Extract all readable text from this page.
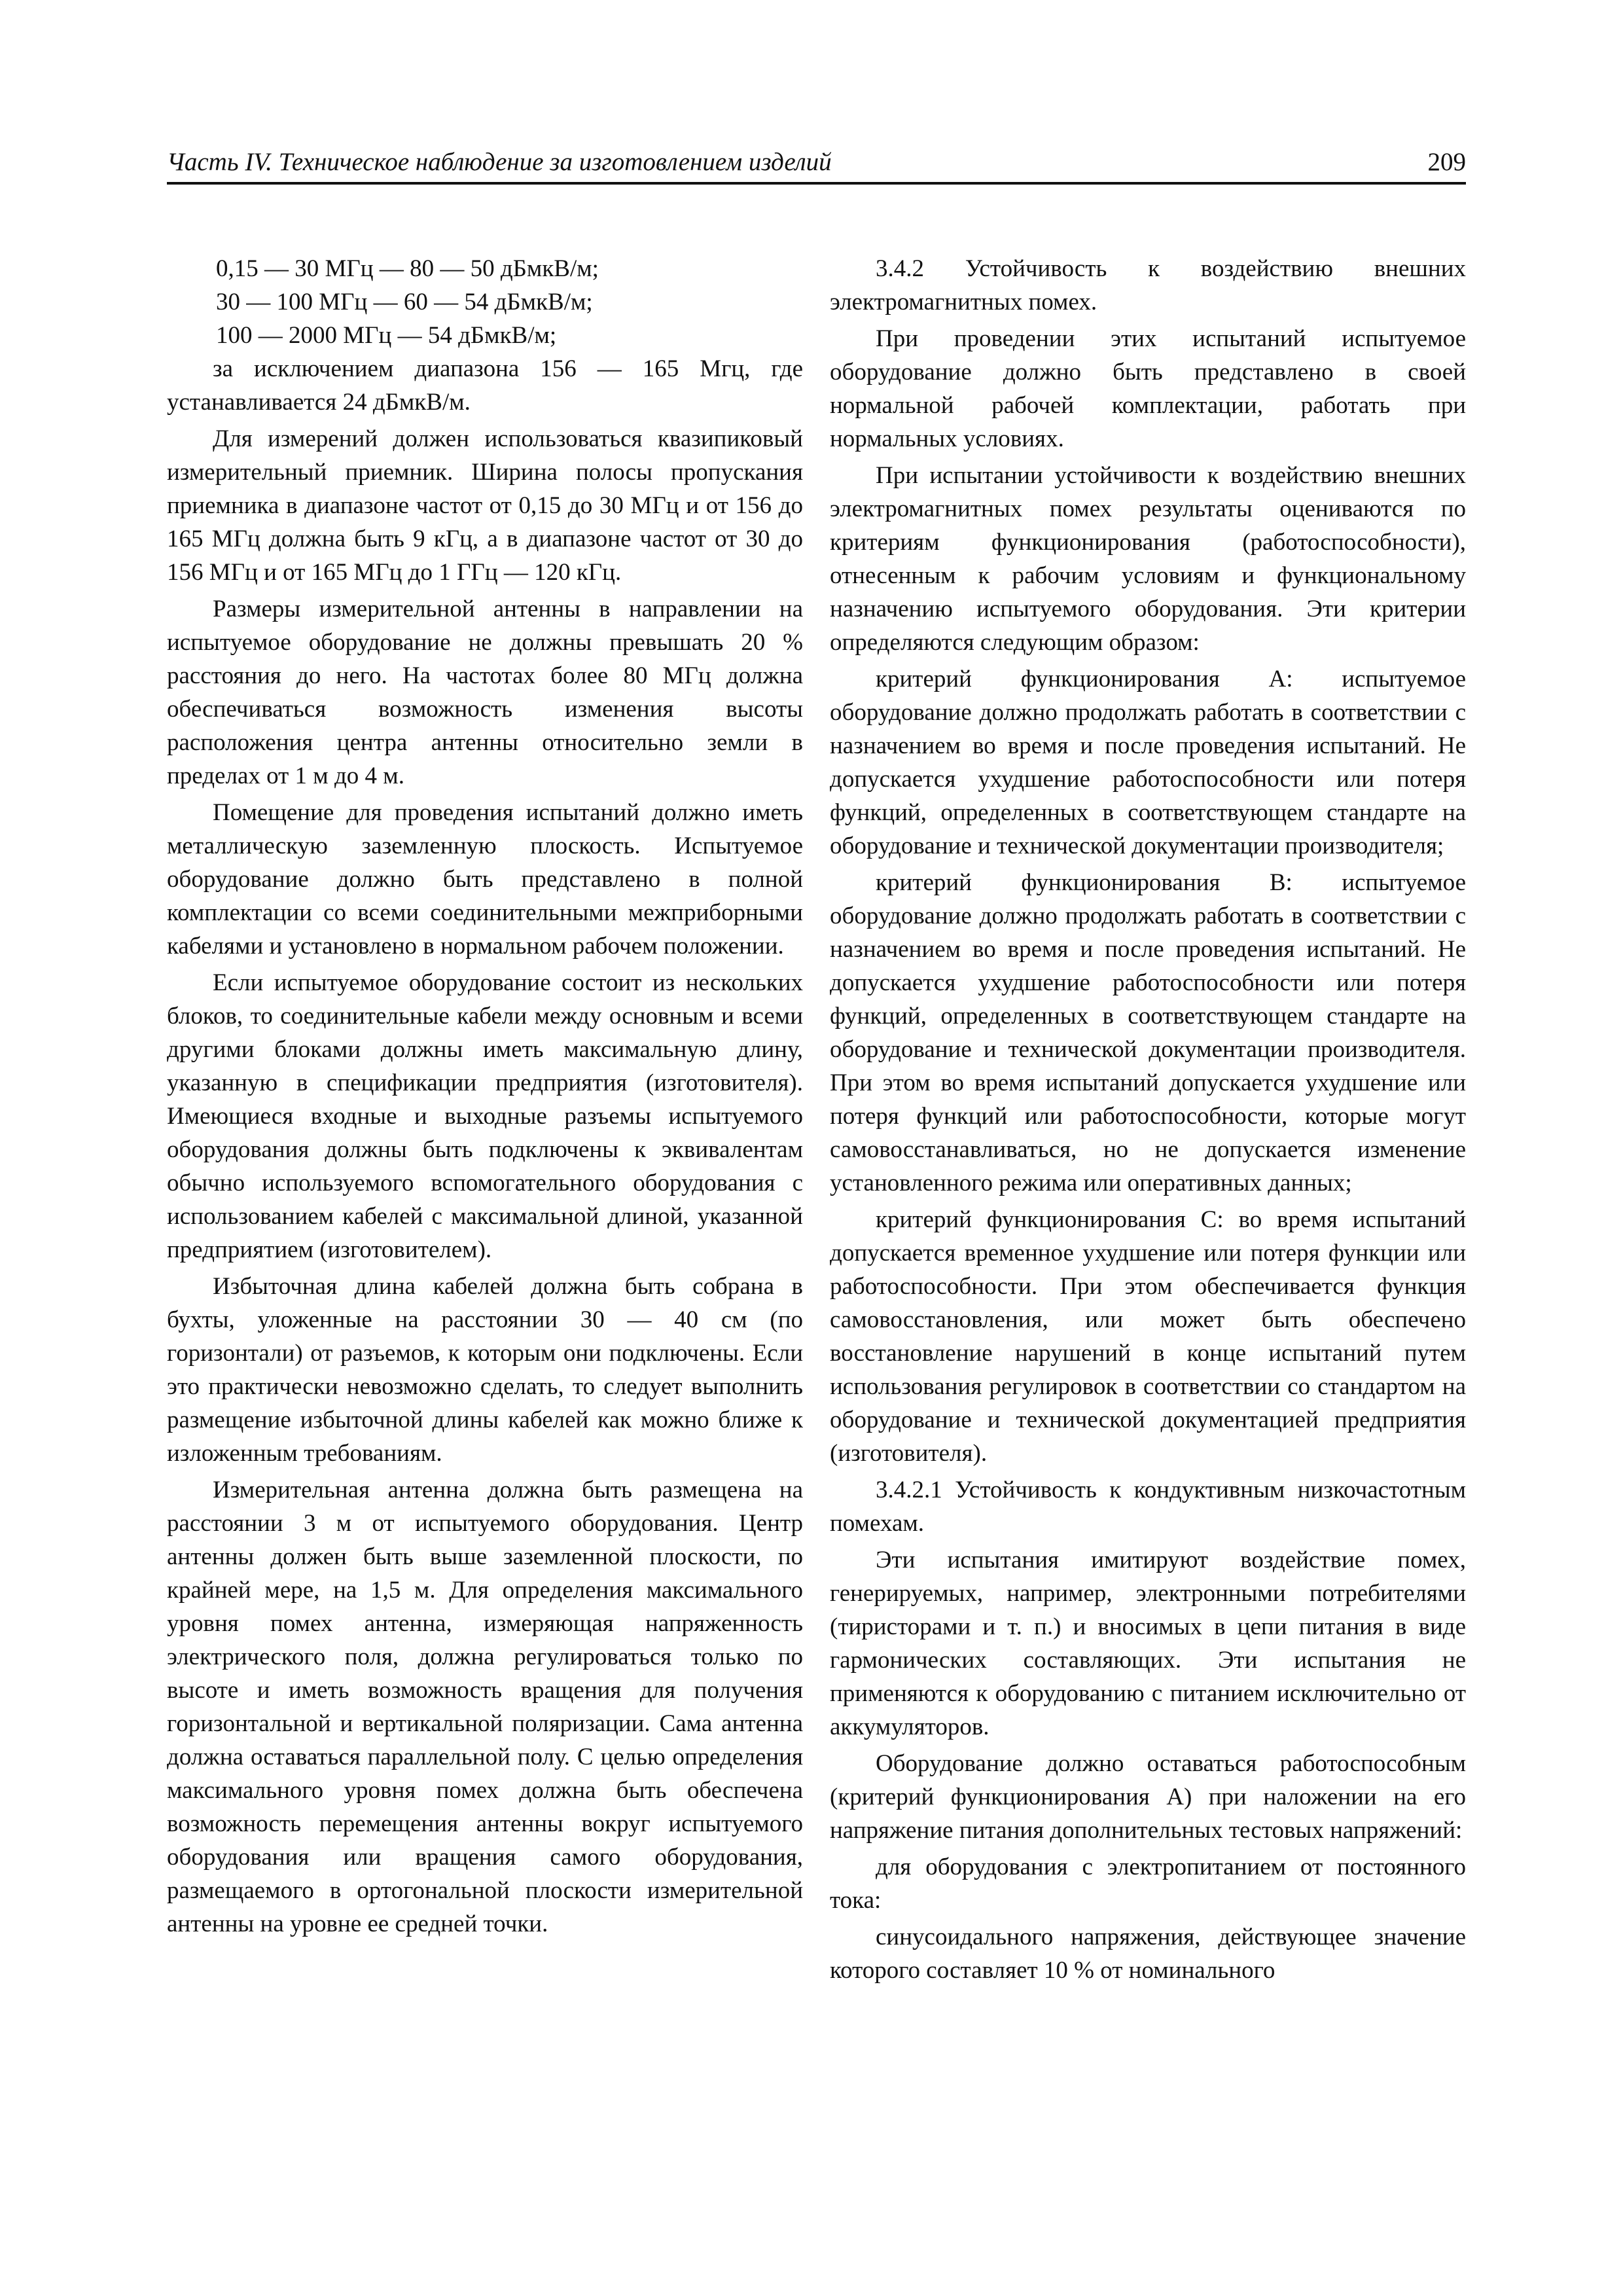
Часть IV. Техническое наблюдение за изготовлением изделий	209

0,15 — 30 МГц — 80 — 50 дБмкВ/м;

30 — 100 МГц — 60 — 54 дБмкВ/м;

100 — 2000 МГц — 54 дБмкВ/м;

за исключением диапазона 156 — 165 Мгц, где устанавливается 24 дБмкВ/м.

Для измерений должен использоваться квазипиковый измерительный приемник. Ширина полосы пропускания приемника в диапазоне частот от 0,15 до 30 МГц и от 156 до 165 МГц должна быть 9 кГц, а в диапазоне частот от 30 до 156 МГц и от 165 МГц до 1 ГГц — 120 кГц.

Размеры измерительной антенны в направлении на испытуемое оборудование не должны превышать 20 % расстояния до него. На частотах более 80 МГц должна обеспечиваться возможность изменения высоты расположения центра антенны относительно земли в пределах от 1 м до 4 м.

Помещение для проведения испытаний должно иметь металлическую заземленную плоскость. Испытуемое оборудование должно быть представлено в полной комплектации со всеми соединительными межприборными кабелями и установлено в нормальном рабочем положении.

Если испытуемое оборудование состоит из нескольких блоков, то соединительные кабели между основным и всеми другими блоками должны иметь максимальную длину, указанную в спецификации предприятия (изготовителя). Имеющиеся входные и выходные разъемы испытуемого оборудования должны быть подключены к эквивалентам обычно используемого вспомогательного оборудования с использованием кабелей с максимальной длиной, указанной предприятием (изготовителем).

Избыточная длина кабелей должна быть собрана в бухты, уложенные на расстоянии 30 — 40 см (по горизонтали) от разъемов, к которым они подключены. Если это практически невозможно сделать, то следует выполнить размещение избыточной длины кабелей как можно ближе к изложенным требованиям.

Измерительная антенна должна быть размещена на расстоянии 3 м от испытуемого оборудования. Центр антенны должен быть выше заземленной плоскости, по крайней мере, на 1,5 м. Для определения максимального уровня помех антенна, измеряющая напряженность электрического поля, должна регулироваться только по высоте и иметь возможность вращения для получения горизонтальной и вертикальной поляризации. Сама антенна должна оставаться параллельной полу. С целью определения максимального уровня помех должна быть обеспечена возможность перемещения антенны вокруг испытуемого оборудования или вращения самого оборудования, размещаемого в ортогональной плоскости измерительной антенны на уровне ее средней точки.

3.4.2 Устойчивость к воздействию внешних электромагнитных помех.

При проведении этих испытаний испытуемое оборудование должно быть представлено в своей нормальной рабочей комплектации, работать при нормальных условиях.

При испытании устойчивости к воздействию внешних электромагнитных помех результаты оцениваются по критериям функционирования (работоспособности), отнесенным к рабочим условиям и функциональному назначению испытуемого оборудования. Эти критерии определяются следующим образом:

критерий функционирования А: испытуемое оборудование должно продолжать работать в соответствии с назначением во время и после проведения испытаний. Не допускается ухудшение работоспособности или потеря функций, определенных в соответствующем стандарте на оборудование и технической документации производителя;

критерий функционирования В: испытуемое оборудование должно продолжать работать в соответствии с назначением во время и после проведения испытаний. Не допускается ухудшение работоспособности или потеря функций, определенных в соответствующем стандарте на оборудование и технической документации производителя. При этом во время испытаний допускается ухудшение или потеря функций или работоспособности, которые могут самовосстанавливаться, но не допускается изменение установленного режима или оперативных данных;

критерий функционирования С: во время испытаний допускается временное ухудшение или потеря функции или работоспособности. При этом обеспечивается функция самовосстановления, или может быть обеспечено восстановление нарушений в конце испытаний путем использования регулировок в соответствии со стандартом на оборудование и технической документацией предприятия (изготовителя).

3.4.2.1 Устойчивость к кондуктивным низкочастотным помехам.

Эти испытания имитируют воздействие помех, генерируемых, например, электронными потребителями (тиристорами и т. п.) и вносимых в цепи питания в виде гармонических составляющих. Эти испытания не применяются к оборудованию с питанием исключительно от аккумуляторов.

Оборудование должно оставаться работоспособным (критерий функционирования А) при наложении на его напряжение питания дополнительных тестовых напряжений:

для оборудования с электропитанием от постоянного тока:

синусоидального напряжения, действующее значение которого составляет 10 % от номинального
